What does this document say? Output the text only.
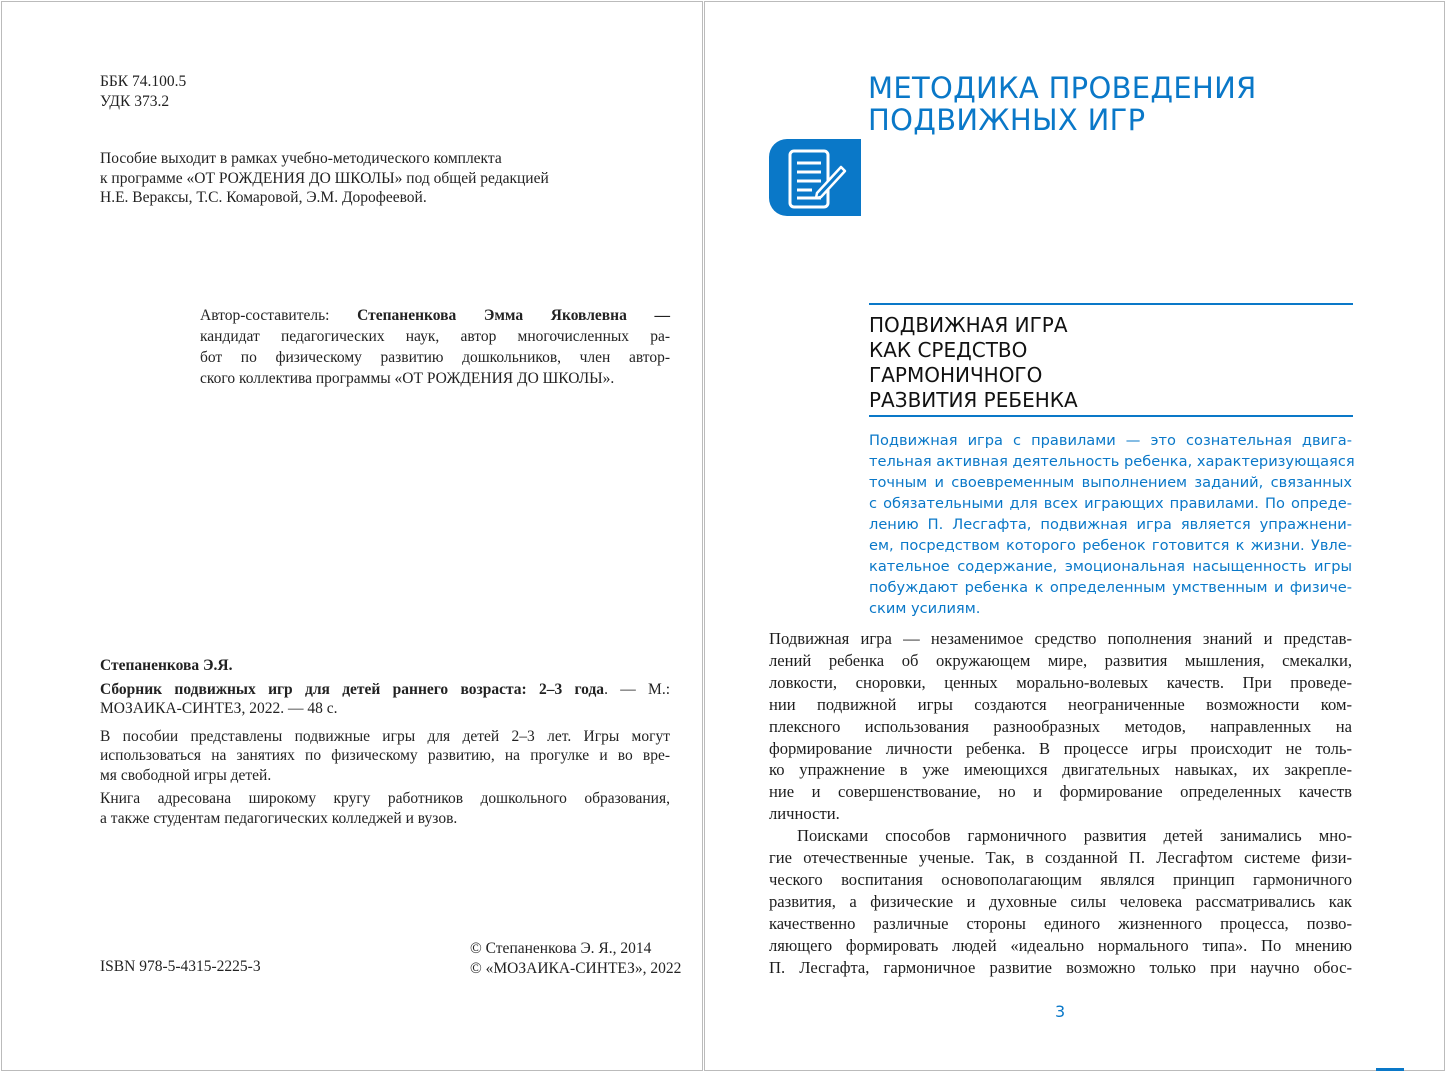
ББК 74.100.5
УДК 373.2
Пособие выходит в рамках учебно-методического комплекта
к программе «ОТ РОЖДЕНИЯ ДО ШКОЛЫ» под общей редакцией
Н.Е. Вераксы, Т.С. Комаровой, Э.М. Дорофеевой.
Автор-составитель: Степаненкова Эмма Яковлевна —
кандидат педагогических наук, автор многочисленных ра-
бот по физическому развитию дошкольников, член автор-
ского коллектива программы «ОТ РОЖДЕНИЯ ДО ШКОЛЫ».
Степаненкова Э.Я.
Сборник подвижных игр для детей раннего возраста: 2–3 года. — М.:
МОЗАИКА-СИНТЕЗ, 2022. — 48 с.
В пособии представлены подвижные игры для детей 2–3 лет. Игры могут
использоваться на занятиях по физическому развитию, на прогулке и во вре-
мя свободной игры детей.
Книга адресована широкому кругу работников дошкольного образования,
а также студентам педагогических колледжей и вузов.
ISBN 978-5-4315-2225-3
© Степаненкова Э. Я., 2014
© «МОЗАИКА-СИНТЕЗ», 2022
МЕТОДИКА ПРОВЕДЕНИЯ
ПОДВИЖНЫХ ИГР
ПОДВИЖНАЯ ИГРА
КАК СРЕДСТВО
ГАРМОНИЧНОГО
РАЗВИТИЯ РЕБЕНКА
Подвижная игра с правилами — это сознательная двига-
тельная активная деятельность ребенка, характеризующаяся
точным и своевременным выполнением заданий, связанных
с обязательными для всех играющих правилами. По опреде-
лению П. Лесгафта, подвижная игра является упражнени-
ем, посредством которого ребенок готовится к жизни. Увле-
кательное содержание, эмоциональная насыщенность игры
побуждают ребенка к определенным умственным и физиче-
ским усилиям.
Подвижная игра — незаменимое средство пополнения знаний и представ-
лений ребенка об окружающем мире, развития мышления, смекалки,
ловкости, сноровки, ценных морально-волевых качеств. При проведе-
нии подвижной игры создаются неограниченные возможности ком-
плексного использования разнообразных методов, направленных на
формирование личности ребенка. В процессе игры происходит не толь-
ко упражнение в уже имеющихся двигательных навыках, их закрепле-
ние и совершенствование, но и формирование определенных качеств
личности.
Поисками способов гармоничного развития детей занимались мно-
гие отечественные ученые. Так, в созданной П. Лесгафтом системе физи-
ческого воспитания основополагающим являлся принцип гармоничного
развития, а физические и духовные силы человека рассматривались как
качественно различные стороны единого жизненного процесса, позво-
ляющего формировать людей «идеально нормального типа». По мнению
П. Лесгафта, гармоничное развитие возможно только при научно обос-
3
